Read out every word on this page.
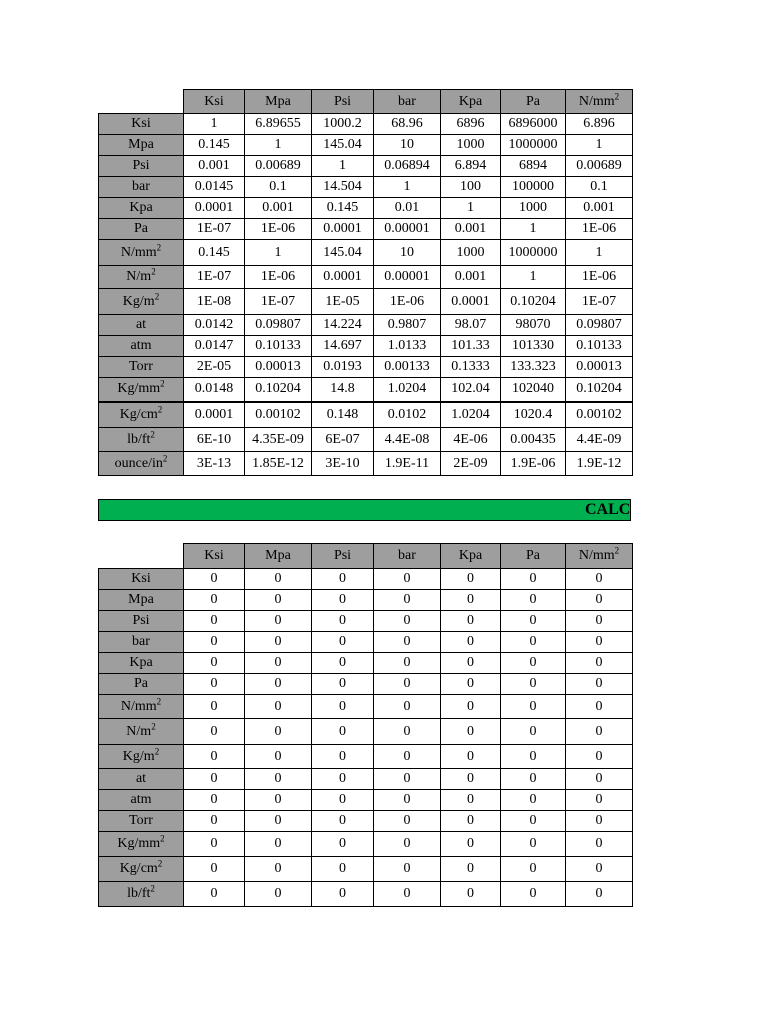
	Ksi	Mpa	Psi	bar	Kpa	Pa	$N/mm^2$
Ksi	1	6.89655	1000.2	68.96	6896	6896000	6.896
Mpa	0.145	1	145.04	10	1000	1000000	1
Psi	0.001	0.00689	1	0.06894	6.894	6894	0.00689
bar	0.0145	0.1	14.504	1	100	100000	0.1
Kpa	0.0001	0.001	0.145	0.01	1	1000	0.001
Pa	1E-07	1E-06	0.0001	0.00001	0.001	1	1E-06
$N/mm^2$	0.145	1	145.04	10	1000	1000000	1
$N/m^2$	1E-07	1E-06	0.0001	0.00001	0.001	1	1E-06
$Kg/m^2$	1E-08	1E-07	1E-05	1E-06	0.0001	0.10204	1E-07
at	0.0142	0.09807	14.224	0.9807	98.07	98070	0.09807
atm	0.0147	0.10133	14.697	1.0133	101.33	101330	0.10133
Torr	2E-05	0.00013	0.0193	0.00133	0.1333	133.323	0.00013
$Kg/mm^2$	0.0148	0.10204	14.8	1.0204	102.04	102040	0.10204
$Kg/cm^2$	0.0001	0.00102	0.148	0.0102	1.0204	1020.4	0.00102
$lb/ft^2$	6E-10	4.35E-09	6E-07	4.4E-08	4E-06	0.00435	4.4E-09
ounce/$in^2$	3E-13	1.85E-12	3E-10	1.9E-11	2E-09	1.9E-06	1.9E-12
CALC
	Ksi	Mpa	Psi	bar	Kpa	Pa	$N/mm^2$
Ksi	0	0	0	0	0	0	0
Mpa	0	0	0	0	0	0	0
Psi	0	0	0	0	0	0	0
bar	0	0	0	0	0	0	0
Kpa	0	0	0	0	0	0	0
Pa	0	0	0	0	0	0	0
$N/mm^2$	0	0	0	0	0	0	0
$N/m^2$	0	0	0	0	0	0	0
$Kg/m^2$	0	0	0	0	0	0	0
at	0	0	0	0	0	0	0
atm	0	0	0	0	0	0	0
Torr	0	0	0	0	0	0	0
$Kg/mm^2$	0	0	0	0	0	0	0
$Kg/cm^2$	0	0	0	0	0	0	0
$lb/ft^2$	0	0	0	0	0	0	0
